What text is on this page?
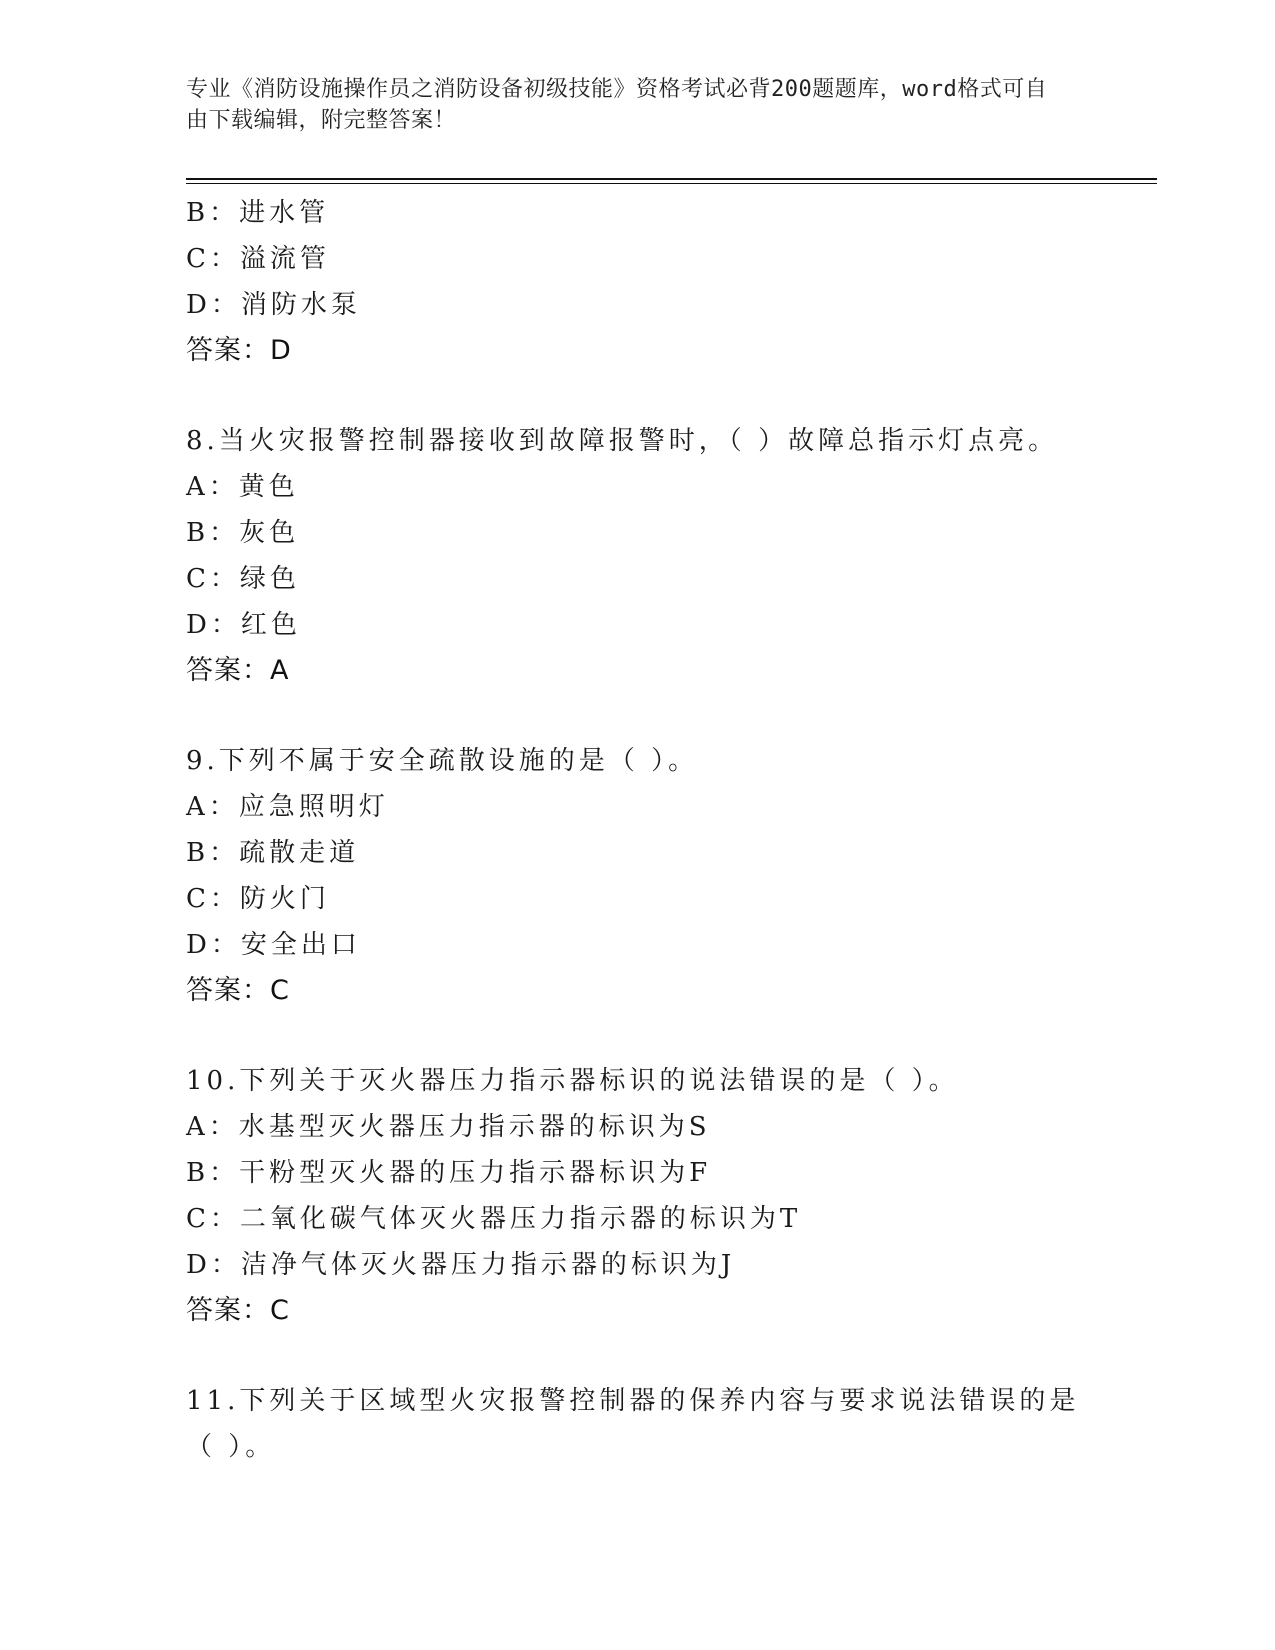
专业《消防设施操作员之消防设备初级技能》资格考试必背200题题库，word格式可自由下载编辑，附完整答案！
B：进水管
C：溢流管
D：消防水泵
答案：D
8.当火灾报警控制器接收到故障报警时，（ ）故障总指示灯点亮。
A：黄色
B：灰色
C：绿色
D：红色
答案：A
9.下列不属于安全疏散设施的是（ ）。
A：应急照明灯
B：疏散走道
C：防火门
D：安全出口
答案：C
10.下列关于灭火器压力指示器标识的说法错误的是（ ）。
A：水基型灭火器压力指示器的标识为S
B：干粉型灭火器的压力指示器标识为F
C：二氧化碳气体灭火器压力指示器的标识为T
D：洁净气体灭火器压力指示器的标识为J
答案：C
11.下列关于区域型火灾报警控制器的保养内容与要求说法错误的是（ ）。
